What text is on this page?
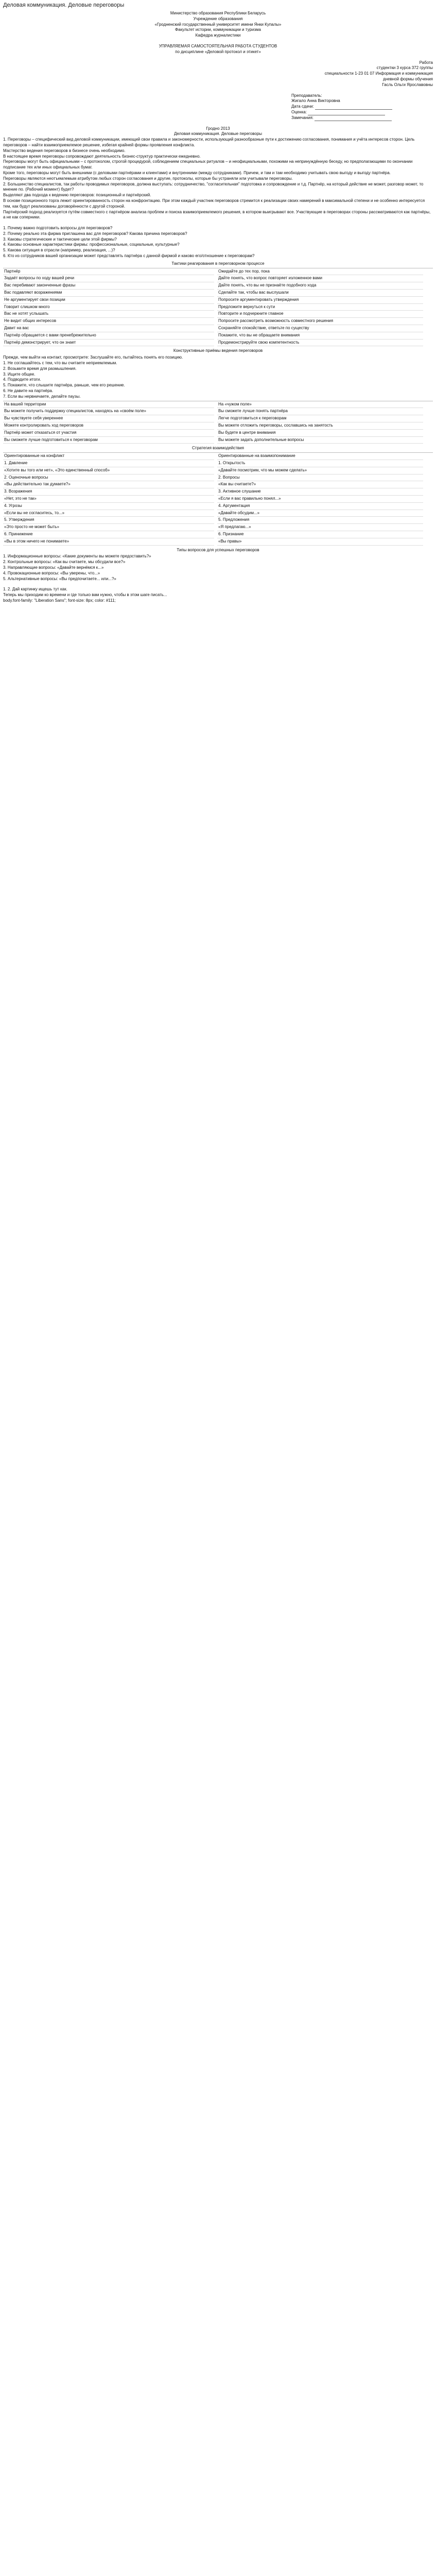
Деловая коммуникация. Деловые переговоры
Министерство образования Республики Беларусь
Учреждение образования
«Гродненский государственный университет имени Янки Купалы»
Факультет истории, коммуникации и туризма
Кафедра журналистики
УПРАВЛЯЕМАЯ САМОСТОЯТЕЛЬНАЯ РАБОТА СТУДЕНТОВ
по дисциплине «Деловой протокол и этикет»
Работа
студентки 3 курса 372 группы
специальности 1-23 01 07 Информация и коммуникация
дневной формы обучения
Гасль Ольги Ярославовны
Преподаватель:
Жигало Анна Викторовна
Дата сдачи:
Оценка:
Замечания:
Гродно 2013
Деловая коммуникация. Деловые переговоры
1. Переговоры – специфический вид деловой коммуникации, имеющий свои правила и закономерности, использующий разнообразные пути к достижению согласования, понимания и учёта интересов сторон. Цель переговоров – найти взаимоприемлемое решение, избегая крайней формы проявления конфликта.
Мастерство ведения переговоров в бизнесе очень необходимо.
В настоящее время переговоры сопровождают деятельность бизнес-структур практически ежедневно.
Переговоры могут быть официальными – с протоколом, строгой процедурой, соблюдением специальных ритуалов – и неофициальными, похожими на непринуждённую беседу, но предполагающими по окончании подписание тех или иных официальных бумаг.
Кроме того, переговоры могут быть внешними (с деловыми партнёрами и клиентами) и внутренними (между сотрудниками). Причем, и там и там необходимо учитывать свою выгоду и выгоду партнёра.
Переговоры являются неотъемлемым атрибутом любых сторон согласования и другие, протоколы, которые бы устраняли или учитывали переговоры.
2. Большинство специалистов, так работы проводимых переговоров, должна выступать: сотрудничество, "согласительная" подготовка и сопровождение и т.д. Партнёр, на который действие не может, разговор может, то мнение по. (Рабочий момент) будет?
Выделяют два подхода к ведению переговоров: позиционный и партнёрский.
В основе позиционного торга лежит ориентированность сторон на конфронтацию. При этом каждый участник переговоров стремится к реализации своих намерений в максимальной степени и не особенно интересуется тем, как будут реализованы договорённости с другой стороной.
Партнёрский подход реализуется путём совместного с партнёром анализа проблем и поиска взаимоприемлемого решения, в котором выигрывают все. Участвующие в переговорах стороны рассматриваются как партнёры, а не как соперники.
1. Почему важно подготовить вопросы для переговоров?
2. Почему реально эта фирма приглашена вас для переговоров? Какова причина переговоров?
3. Каковы стратегические и тактические цели этой фирмы?
4. Каковы основные характеристики фирмы: профессиональные, социальные, культурные?
5. Какова ситуация в отрасли (например, реализация, ...)?
6. Кто из сотрудников вашей организации может представлять партнёра с данной фирмой и каково его/отношение к переговорам?
Тактики реагирования в переговорном процессе
Партнёр	Ожидайте до тех пор, пока
Задаёт вопросы по ходу вашей речи	Дайте понять, что вопрос повторяет изложенное вами
Вас перебивают законченные фразы	Дайте понять, что вы не признаёте подобного хода
Вас подавляют возражениями	Сделайте так, чтобы вас выслушали
Не аргументирует свои позиции	Попросите аргументировать утверждения
Говорит слишком много	Предложите вернуться к сути
Вас не хотят услышать	Повторите и подчеркните главное
Не видит общих интересов	Попросите рассмотреть возможность совместного решения
Давит на вас	Сохраняйте спокойствие, ответьте по существу
Партнёр обращается с вами пренебрежительно	Покажите, что вы не обращаете внимания
Партнёр демонстрирует, что он знает	Продемонстрируйте свою компетентность
Конструктивные приёмы ведения переговоров
Прежде, чем выйти на контакт, просмотрите: Заслушайте его, пытайтесь понять его позицию.
1. Не соглашайтесь с тем, что вы считаете неприемлемым.
2. Возьмите время для размышления.
3. Ищите общее.
4. Подводите итоги.
5. Покажите, что слышите партнёра, раньше, чем его решение.
6. Не давите на партнёра.
7. Если вы нервничаете, делайте паузы.
На вашей территории	На «чужом поле»
Вы можете получить поддержку специалистов, находясь на «своём поле»	Вы сможете лучше понять партнёра
Вы чувствуете себя увереннее	Легче подготовиться к переговорам
Можете контролировать ход переговоров	Вы можете отложить переговоры, сославшись на занятость
Партнёр может отказаться от участия	Вы будете в центре внимания
Вы сможете лучше подготовиться к переговорам	Вы можете задать дополнительные вопросы
Стратегия взаимодействия
Ориентированные на конфликт	Ориентированные на взаимопонимание
1. Давление	1. Открытость
«Хотите вы того или нет», «Это единственный способ»	«Давайте посмотрим, что мы можем сделать»
2. Оценочные вопросы	2. Вопросы
«Вы действительно так думаете?»	«Как вы считаете?»
3. Возражения	3. Активное слушание
«Нет, это не так»	«Если я вас правильно понял...»
4. Угрозы	4. Аргументация
«Если вы не согласитесь, то...»	«Давайте обсудим...»
5. Утверждения	5. Предложения
«Это просто не может быть»	«Я предлагаю...»
6. Принижение	6. Признание
«Вы в этом ничего не понимаете»	«Вы правы»
Типы вопросов для успешных переговоров
1. Информационные вопросы: «Какие документы вы можете предоставить?»
2. Контрольные вопросы: «Как вы считаете, мы обсудили все?»
3. Направляющие вопросы: «Давайте вернёмся к...»
4. Провокационные вопросы: «Вы уверены, что...»
5. Альтернативные вопросы: «Вы предпочитаете... или...?»
1. 2. Дай картинку ищешь тут как.
Теперь мы приходим ко времени и где только вам нужно, чтобы в этом шаге писать...
body.font-family: "Liberation Sans"; font-size: 8px; color: #111;
